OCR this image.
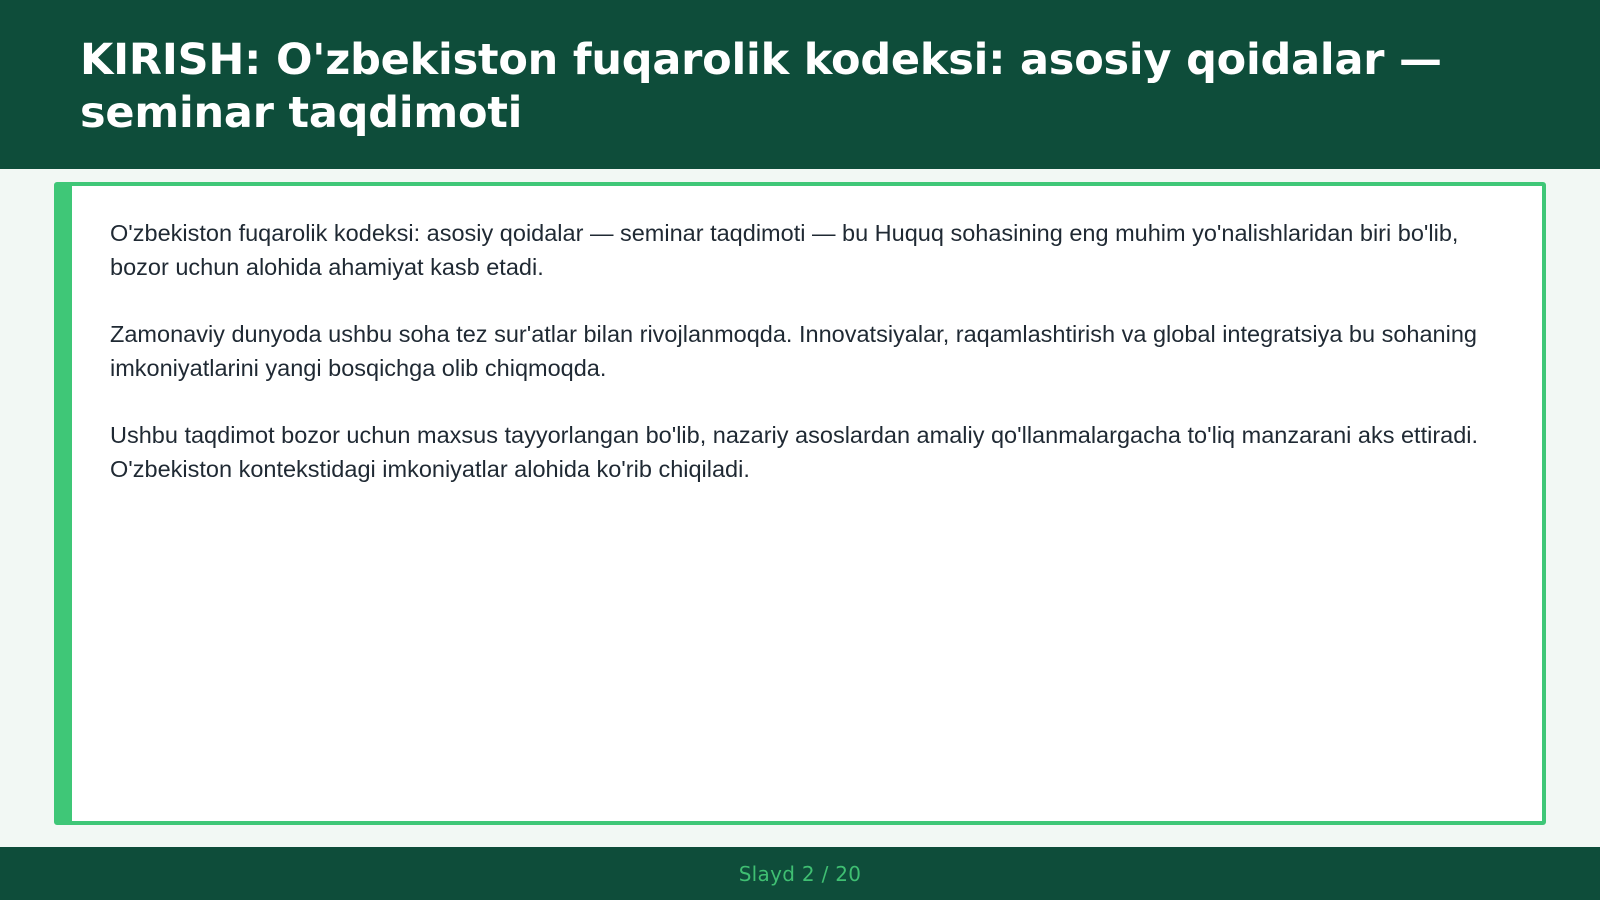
KIRISH: O'zbekiston fuqarolik kodeksi: asosiy qoidalar — seminar taqdimoti

O'zbekiston fuqarolik kodeksi: asosiy qoidalar — seminar taqdimoti — bu Huquq sohasining eng muhim yo'nalishlaridan biri bo'lib, bozor uchun alohida ahamiyat kasb etadi.

Zamonaviy dunyoda ushbu soha tez sur'atlar bilan rivojlanmoqda. Innovatsiyalar, raqamlashtirish va global integratsiya bu sohaning imkoniyatlarini yangi bosqichga olib chiqmoqda.

Ushbu taqdimot bozor uchun maxsus tayyorlangan bo'lib, nazariy asoslardan amaliy qo'llanmalargacha to'liq manzarani aks ettiradi. O'zbekiston kontekstidagi imkoniyatlar alohida ko'rib chiqiladi.

Slayd 2 / 20
